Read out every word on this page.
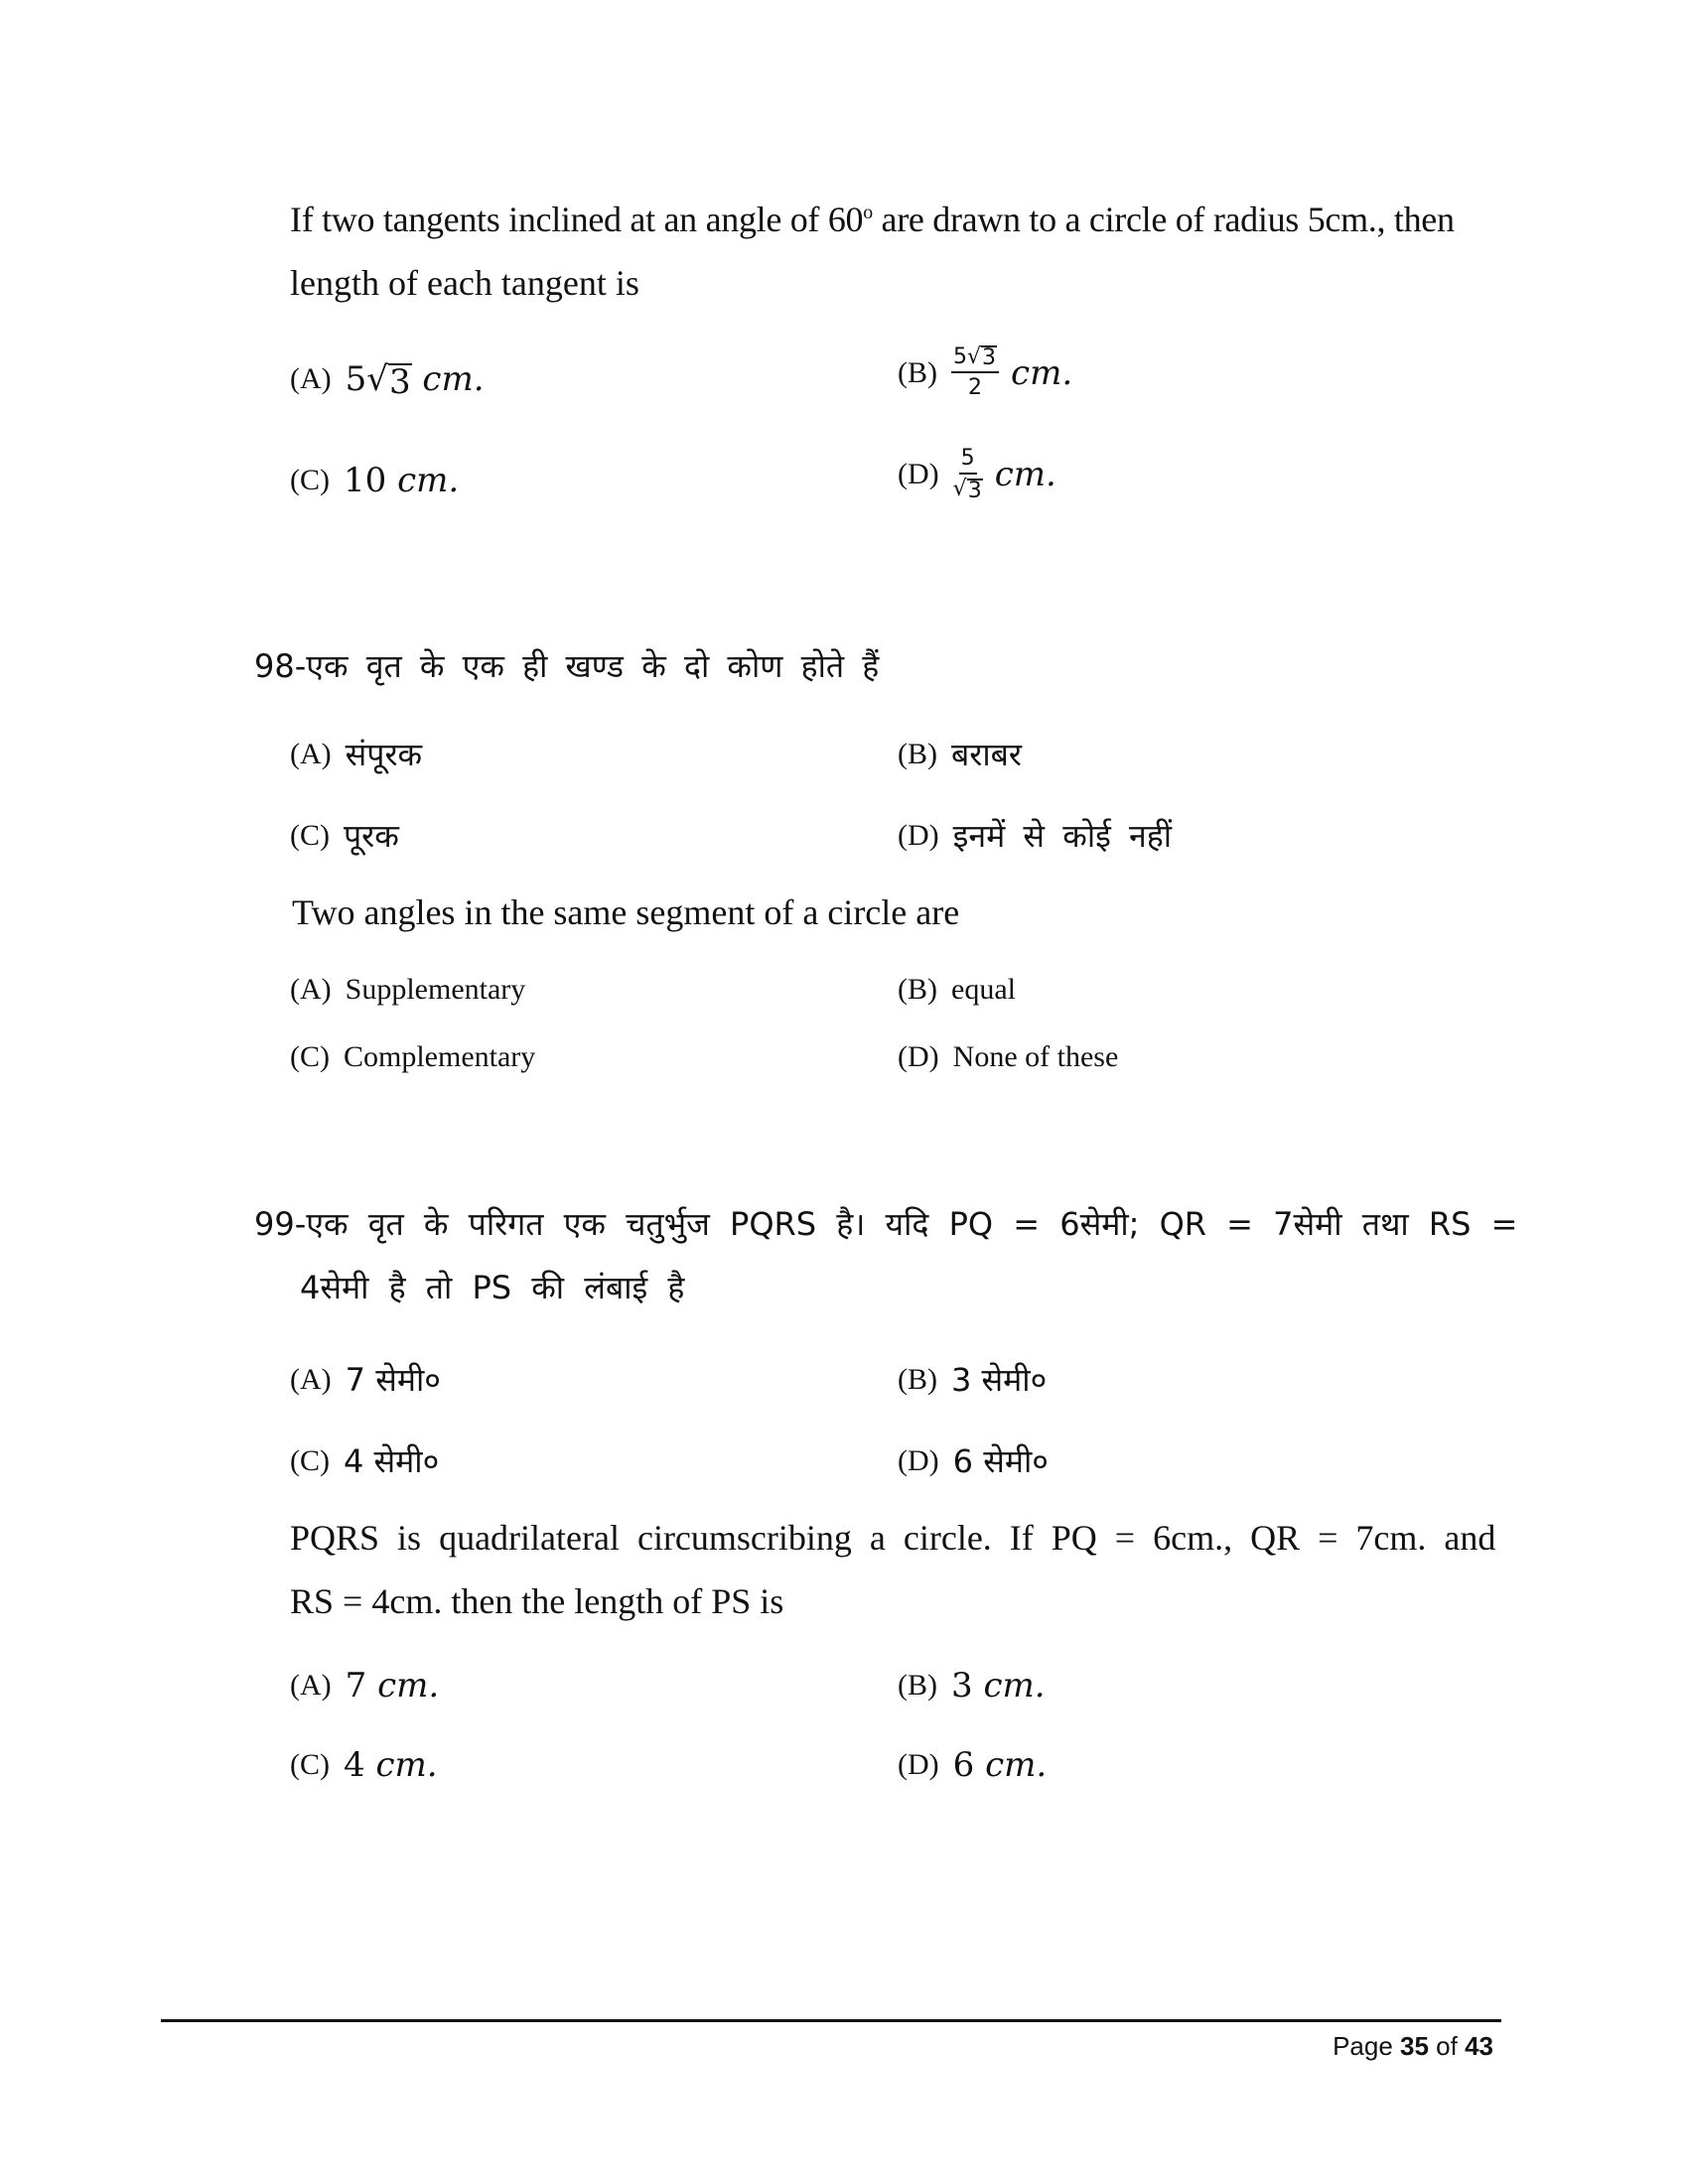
If two tangents inclined at an angle of 60$^o$ are drawn to a circle of radius 5cm., then
length of each tangent is
(A) 5 √ 3 cm.	$(B) \frac{5 √ 3}{2}$ cm.
(C) 10 cm.	$(D) \frac{5}{√ 3}$ cm.
98-एक वृत के एक ही खण्ड के दो कोण होते हैं
(A) संपूरक	(B) बराबर
(C) पूरक	(D) इनमें से कोई नहीं
Two angles in the same segment of a circle are
(A) Supplementary	(B) equal
(C) Complementary	(D) None of these
99-एक वृत के परिगत एक चतुर्भुज PQRS है। यदि PQ = 6सेमी; QR = 7सेमी तथा RS =
4सेमी है तो PS की लंबाई है
(A) 7 सेमी०	(B) 3 सेमी०
(C) 4 सेमी०	(D) 6 सेमी०
PQRS is quadrilateral circumscribing a circle. If PQ = 6cm., QR = 7cm. and
RS = 4cm. then the length of PS is
(A) 7 cm.	(B) 3 cm.
(C) 4 cm.	(D) 6 cm.
Page 35 of 43
